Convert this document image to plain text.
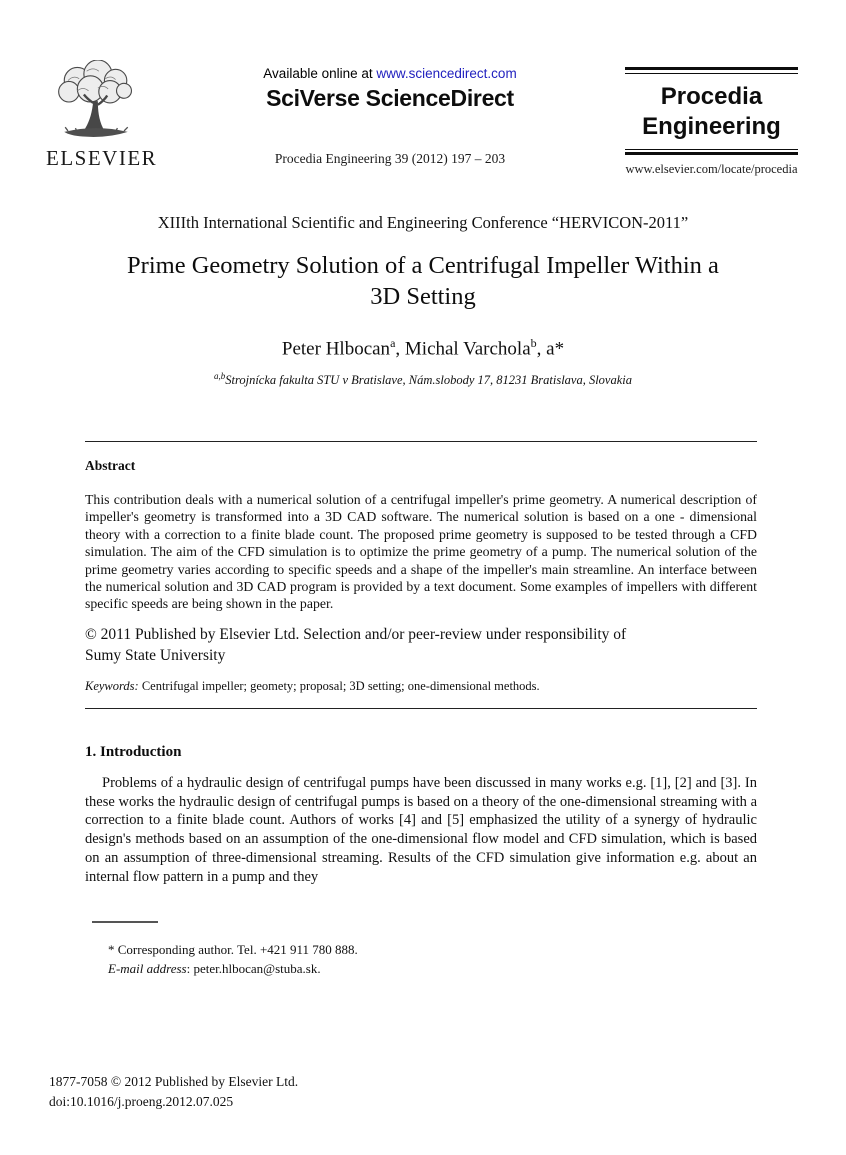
ELSEVIER
Available online at www.sciencedirect.com
SciVerse ScienceDirect
Procedia Engineering 39 (2012) 197 – 203
Procedia
Engineering
www.elsevier.com/locate/procedia
XIIIth International Scientific and Engineering Conference “HERVICON-2011”
Prime Geometry Solution of a Centrifugal Impeller Within a
3D Setting
Peter Hlbocan$^a$, Michal Varchola$^b$, a*
$^{a,b}$Strojnícka fakulta STU v Bratislave, Nám.slobody 17, 81231 Bratislava, Slovakia
Abstract
This contribution deals with a numerical solution of a centrifugal impeller's prime geometry. A numerical description of impeller's geometry is transformed into a 3D CAD software. The numerical solution is based on a one - dimensional theory with a correction to a finite blade count. The proposed prime geometry is supposed to be tested through a CFD simulation. The aim of the CFD simulation is to optimize the prime geometry of a pump. The numerical solution of the prime geometry varies according to specific speeds and a shape of the impeller's main streamline. An interface between the numerical solution and 3D CAD program is provided by a text document. Some examples of impellers with different specific speeds are being shown in the paper.
© 2011 Published by Elsevier Ltd. Selection and/or peer-review under responsibility of
Sumy State University
Keywords: Centrifugal impeller; geomety; proposal; 3D setting; one-dimensional methods.
1. Introduction
Problems of a hydraulic design of centrifugal pumps have been discussed in many works e.g. [1], [2] and [3]. In these works the hydraulic design of centrifugal pumps is based on a theory of the one-dimensional streaming with a correction to a finite blade count. Authors of works [4] and [5] emphasized the utility of a synergy of hydraulic design's methods based on an assumption of the one-dimensional flow model and CFD simulation, which is based on an assumption of three-dimensional streaming. Results of the CFD simulation give information e.g. about an internal flow pattern in a pump and they
* Corresponding author. Tel. +421 911 780 888.
E-mail address: peter.hlbocan@stuba.sk.
1877-7058 © 2012 Published by Elsevier Ltd.
doi:10.1016/j.proeng.2012.07.025
